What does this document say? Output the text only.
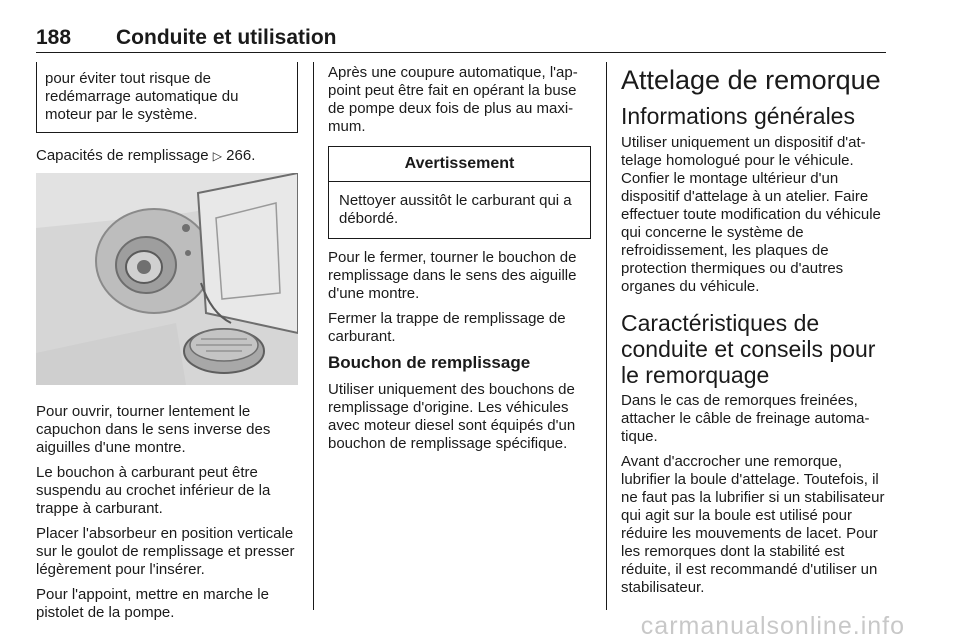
188 Conduite et utilisation
pour éviter tout risque de redémarrage automatique du moteur par le système.

Capacités de remplissage ▷ 266.

Pour ouvrir, tourner lentement le capuchon dans le sens inverse des aiguilles d'une montre.

Le bouchon à carburant peut être suspendu au crochet inférieur de la trappe à carburant.

Placer l'absorbeur en position verticale sur le goulot de remplissage et presser légèrement pour l'insérer.

Pour l'appoint, mettre en marche le pistolet de la pompe.

Après une coupure automatique, l'appoint peut être fait en opérant la buse de pompe deux fois de plus au maximum.

Avertissement
Nettoyer aussitôt le carburant qui a débordé.

Pour le fermer, tourner le bouchon de remplissage dans le sens des aiguille d'une montre.

Fermer la trappe de remplissage de carburant.

Bouchon de remplissage

Utiliser uniquement des bouchons de remplissage d'origine. Les véhicules avec moteur diesel sont équipés d'un bouchon de remplissage spécifique.

Attelage de remorque
Informations générales

Utiliser uniquement un dispositif d'attelage homologué pour le véhicule. Confier le montage ultérieur d'un dispositif d'attelage à un atelier. Faire effectuer toute modification du véhicule qui concerne le système de refroidissement, les plaques de protection thermiques ou d'autres organes du véhicule.

Caractéristiques de conduite et conseils pour le remorquage

Dans le cas de remorques freinées, attacher le câble de freinage automatique.

Avant d'accrocher une remorque, lubrifier la boule d'attelage. Toutefois, il ne faut pas la lubrifier si un stabilisateur qui agit sur la boule est utilisé pour réduire les mouvements de lacet. Pour les remorques dont la stabilité est réduite, il est recommandé d'utiliser un stabilisateur.

carmanualsonline.info
